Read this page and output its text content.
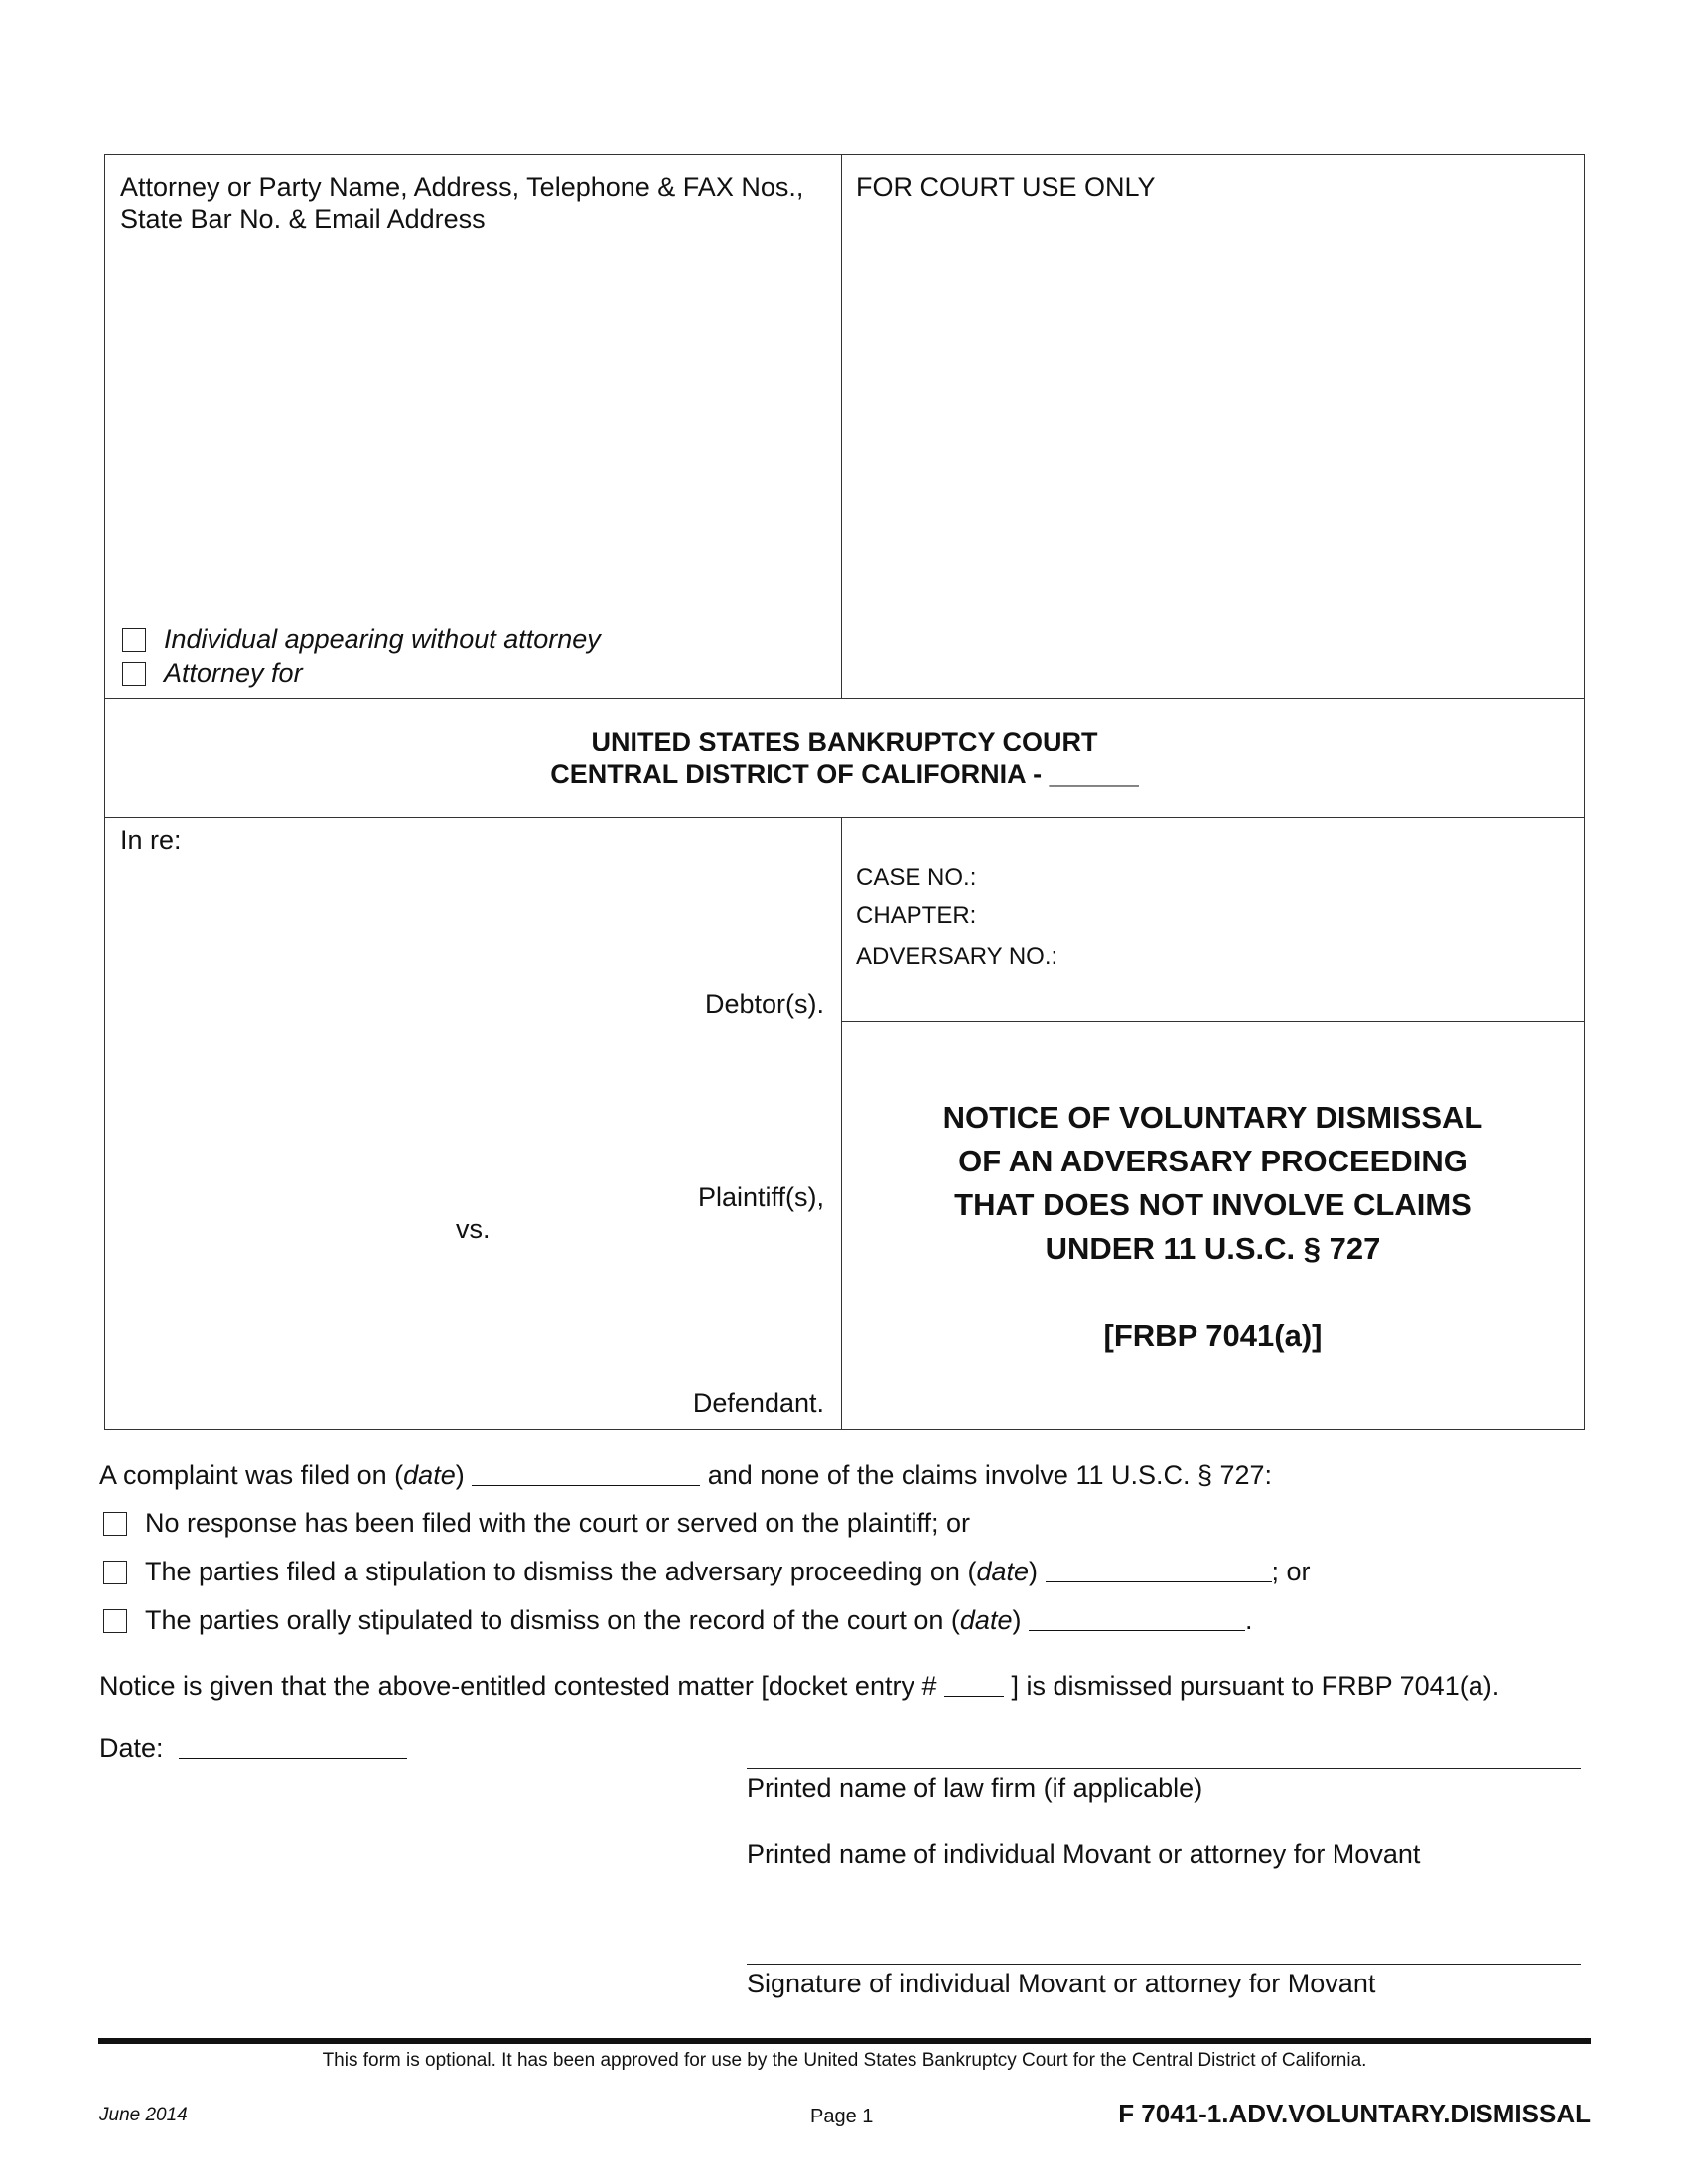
Attorney or Party Name, Address, Telephone & FAX Nos.,
State Bar No. & Email Address
Individual appearing without attorney
Attorney for
FOR COURT USE ONLY
UNITED STATES BANKRUPTCY COURT
CENTRAL DISTRICT OF CALIFORNIA - ______
In re:
Debtor(s).
Plaintiff(s),
vs.
Defendant.
CASE NO.:
CHAPTER:
ADVERSARY NO.:
NOTICE OF VOLUNTARY DISMISSAL
OF AN ADVERSARY PROCEEDING
THAT DOES NOT INVOLVE CLAIMS
UNDER 11 U.S.C. § 727
[FRBP 7041(a)]
A complaint was filed on (date)	and none of the claims involve 11 U.S.C. § 727:
No response has been filed with the court or served on the plaintiff; or
The parties filed a stipulation to dismiss the adversary proceeding on (date)	; or
The parties orally stipulated to dismiss on the record of the court on (date)	.
Notice is given that the above-entitled contested matter [docket entry #  ] is dismissed pursuant to FRBP 7041(a).
Date:
Printed name of law firm (if applicable)
Printed name of individual Movant or attorney for Movant
Signature of individual Movant or attorney for Movant
This form is optional. It has been approved for use by the United States Bankruptcy Court for the Central District of California.
June 2014	Page 1	F 7041-1.ADV.VOLUNTARY.DISMISSAL
